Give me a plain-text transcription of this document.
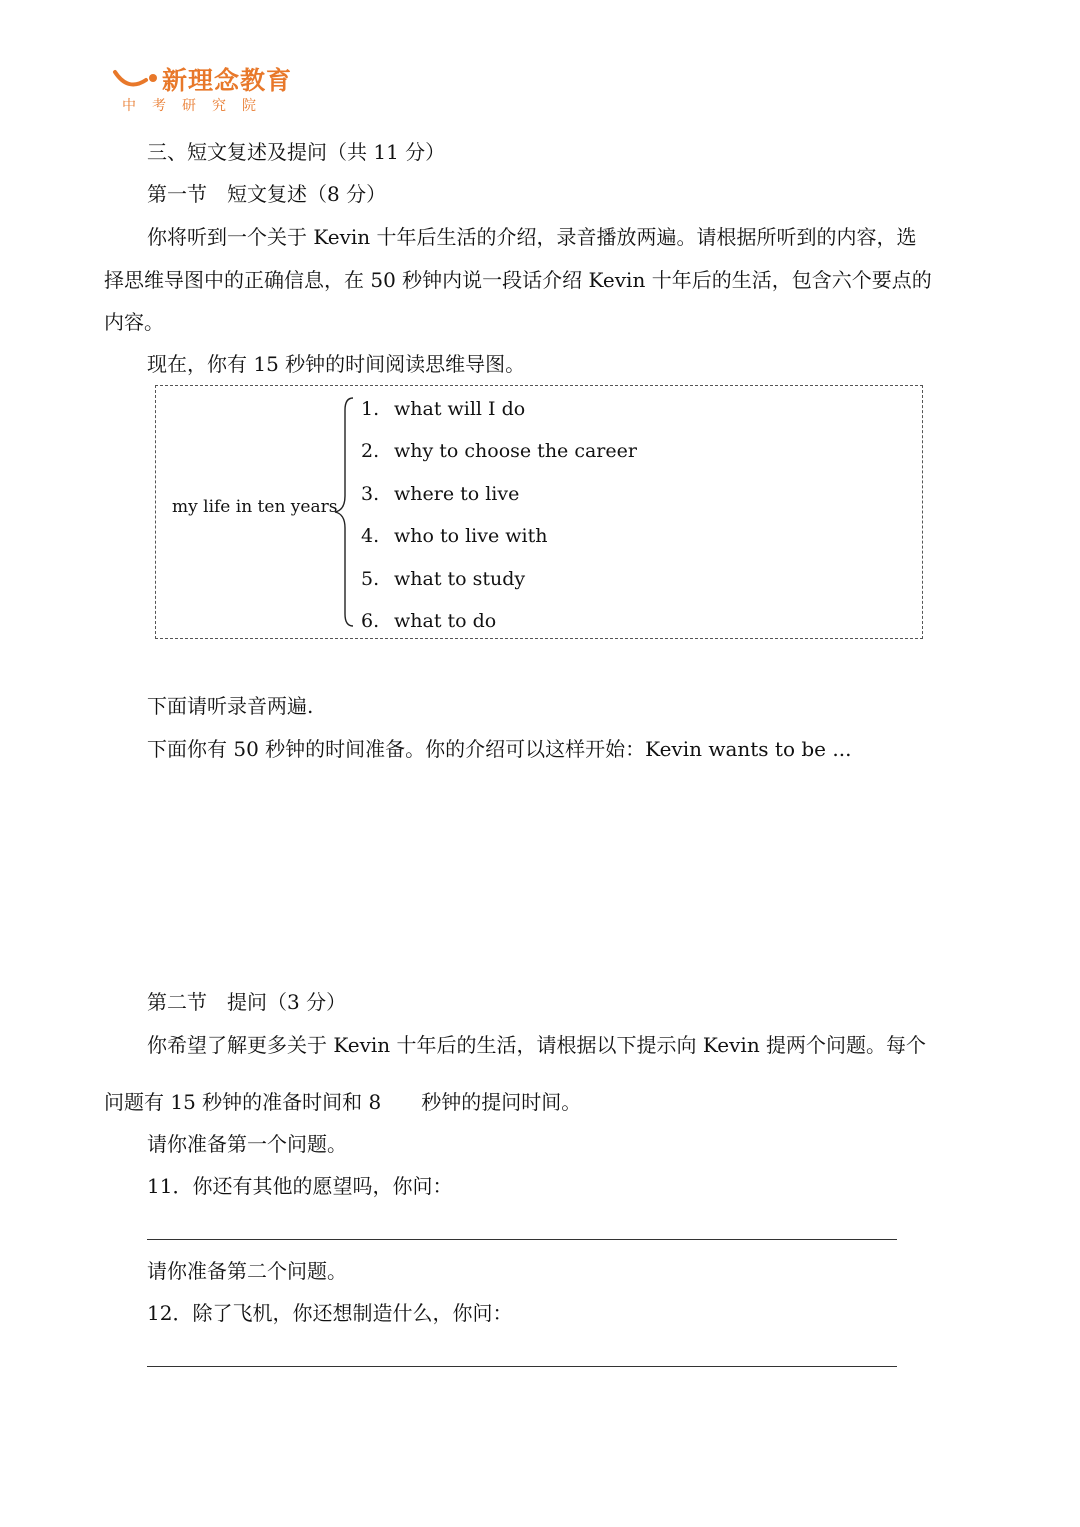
新理念教育
中考研究院
三、短文复述及提问（共 11 分）
第一节　短文复述（8 分）
你将听到一个关于 Kevin 十年后生活的介绍，录音播放两遍。请根据所听到的内容，选
择思维导图中的正确信息，在 50 秒钟内说一段话介绍 Kevin 十年后的生活，包含六个要点的
内容。
现在，你有 15 秒钟的时间阅读思维导图。
my life in ten years
1. what will I do
2. why to choose the career
3. where to live
4. who to live with
5. what to study
6. what to do
下面请听录音两遍.
下面你有 50 秒钟的时间准备。你的介绍可以这样开始：Kevin wants to be ...
第二节　提问（3 分）
你希望了解更多关于 Kevin 十年后的生活，请根据以下提示向 Kevin 提两个问题。每个
问题有 15 秒钟的准备时间和 8　　秒钟的提问时间。
请你准备第一个问题。
11．你还有其他的愿望吗，你问：
请你准备第二个问题。
12．除了飞机，你还想制造什么，你问：
